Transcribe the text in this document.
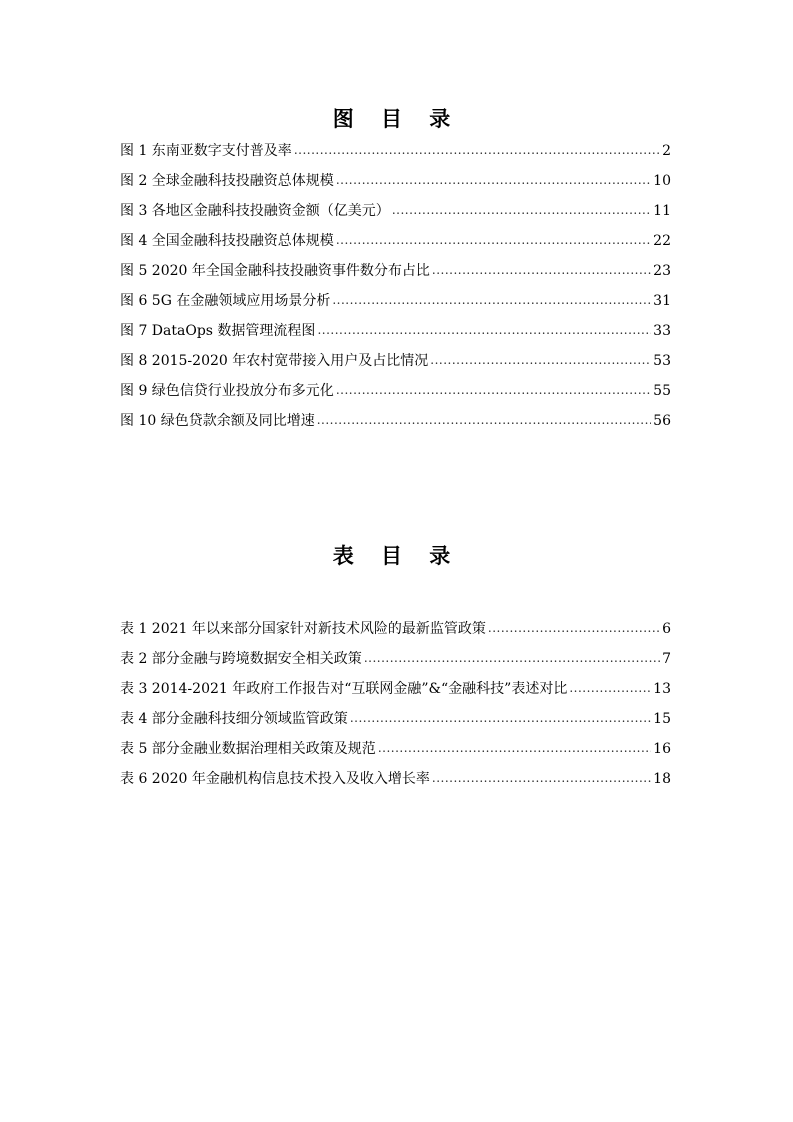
图 目 录
图 1 东南亚数字支付普及率 .....	2
图 2 全球金融科技投融资总体规模 .....	10
图 3 各地区金融科技投融资金额（亿美元） .....	11
图 4 全国金融科技投融资总体规模 .....	22
图 5 2020 年全国金融科技投融资事件数分布占比 .....	23
图 6 5G 在金融领域应用场景分析 .....	31
图 7 DataOps 数据管理流程图 .....	33
图 8 2015-2020 年农村宽带接入用户及占比情况 .....	53
图 9 绿色信贷行业投放分布多元化 .....	55
图 10 绿色贷款余额及同比增速 .....	56
表 目 录
表 1 2021 年以来部分国家针对新技术风险的最新监管政策 .....	6
表 2 部分金融与跨境数据安全相关政策 .....	7
表 3 2014-2021 年政府工作报告对“互联网金融”&“金融科技”表述对比 .....	13
表 4 部分金融科技细分领域监管政策 .....	15
表 5 部分金融业数据治理相关政策及规范 .....	16
表 6 2020 年金融机构信息技术投入及收入增长率 .....	18
